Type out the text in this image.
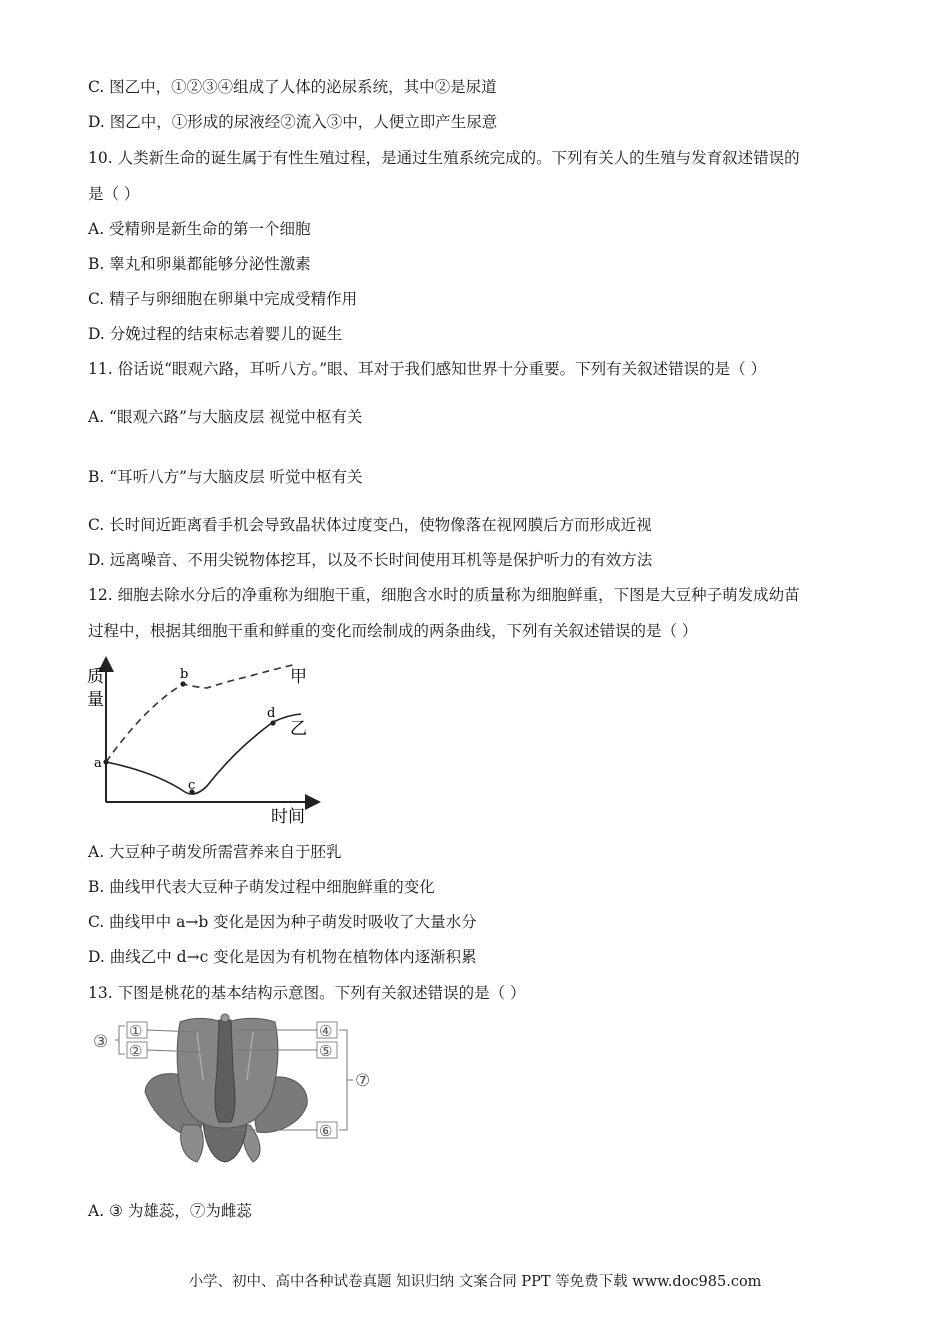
C. 图乙中，①②③④组成了人体的泌尿系统，其中②是尿道
D. 图乙中，①形成的尿液经②流入③中，人便立即产生尿意
10. 人类新生命的诞生属于有性生殖过程，是通过生殖系统完成的。下列有关人的生殖与发育叙述错误的
是（ ）
A. 受精卵是新生命的第一个细胞
B. 睾丸和卵巢都能够分泌性激素
C. 精子与卵细胞在卵巢中完成受精作用
D. 分娩过程的结束标志着婴儿的诞生
11. 俗话说“眼观六路，耳听八方。”眼、耳对于我们感知世界十分重要。下列有关叙述错误的是（ ）
A. “眼观六路”与大脑皮层 视觉中枢有关
B. “耳听八方”与大脑皮层 听觉中枢有关
C. 长时间近距离看手机会导致晶状体过度变凸，使物像落在视网膜后方而形成近视
D. 远离噪音、不用尖锐物体挖耳，以及不长时间使用耳机等是保护听力的有效方法
12. 细胞去除水分后的净重称为细胞干重，细胞含水时的质量称为细胞鲜重，下图是大豆种子萌发成幼苗
过程中，根据其细胞干重和鲜重的变化而绘制成的两条曲线，下列有关叙述错误的是（ ）
质
量
时间
a
b
c
d
甲
乙
A. 大豆种子萌发所需营养来自于胚乳
B. 曲线甲代表大豆种子萌发过程中细胞鲜重的变化
C. 曲线甲中 a→b 变化是因为种子萌发时吸收了大量水分
D. 曲线乙中 d→c 变化是因为有机物在植物体内逐渐积累
13. 下图是桃花的基本结构示意图。下列有关叙述错误的是（ ）
③
①
②
④
⑤
⑥
⑦
A. ③ 为雄蕊，⑦为雌蕊
小学、初中、高中各种试卷真题 知识归纳 文案合同 PPT 等免费下载 www.doc985.com
